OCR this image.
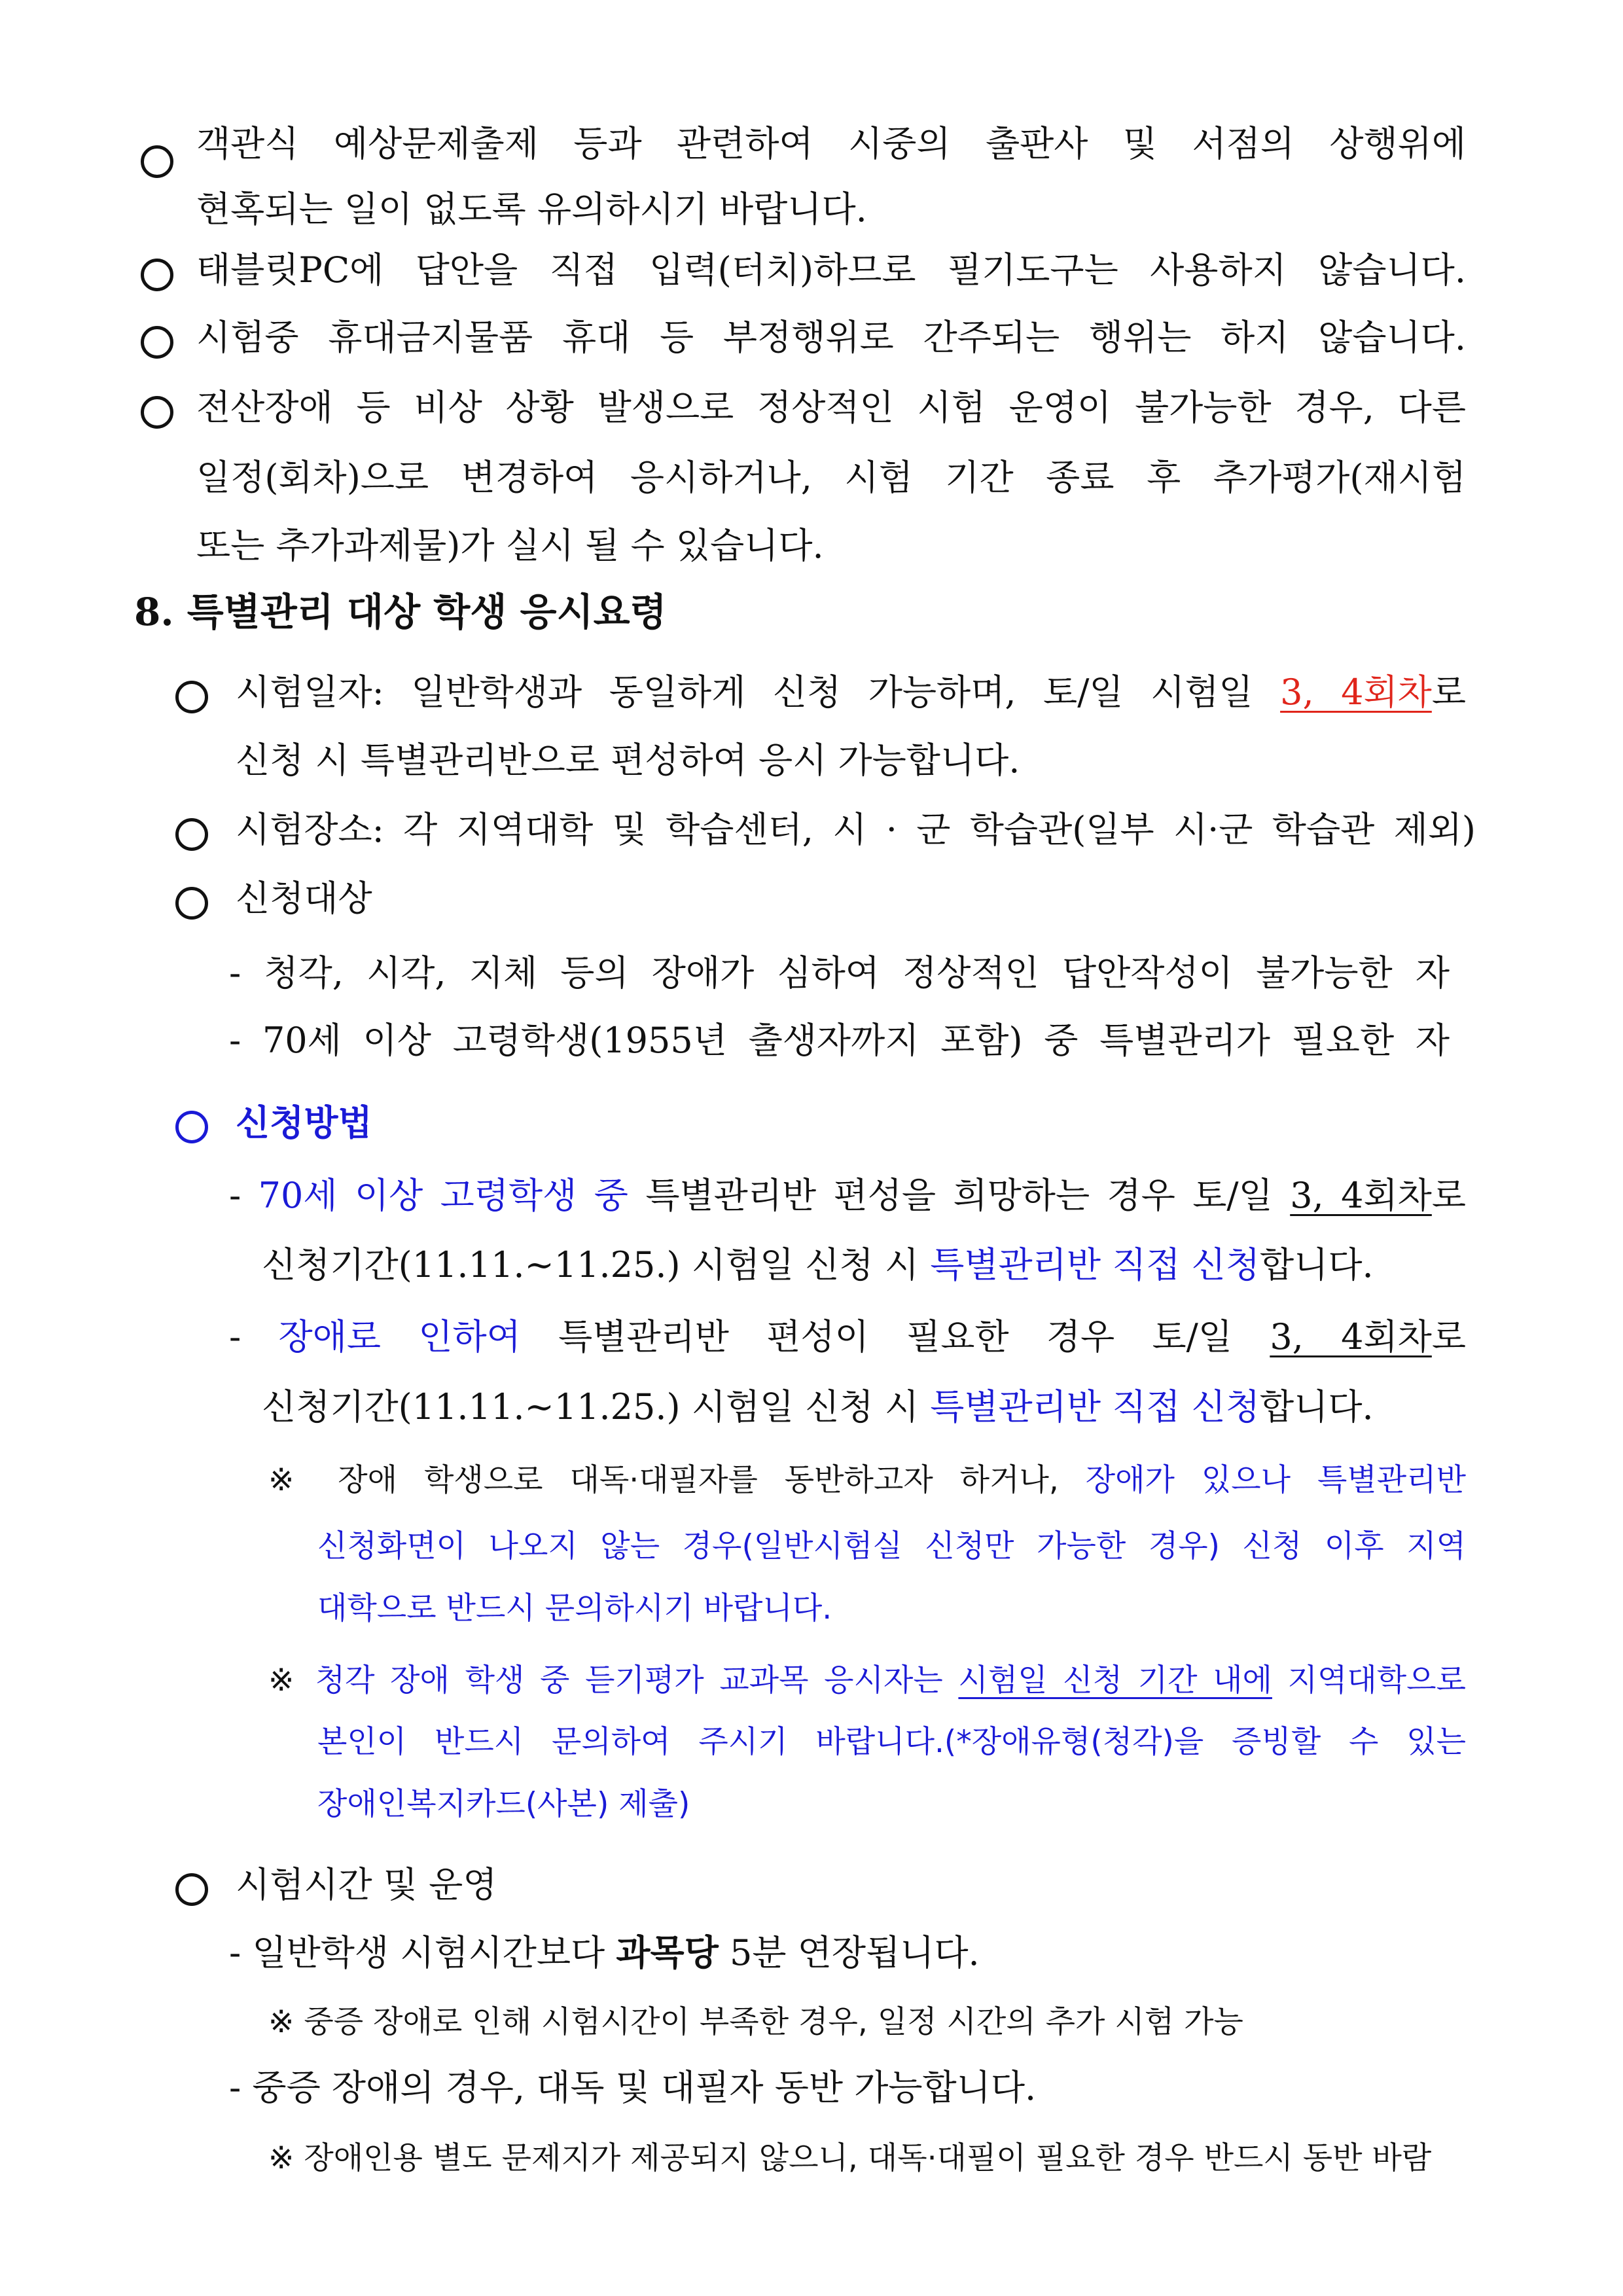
객관식 예상문제출제 등과 관련하여 시중의 출판사 및 서점의 상행위에
현혹되는 일이 없도록 유의하시기 바랍니다.
태블릿PC에 답안을 직접 입력(터치)하므로 필기도구는 사용하지 않습니다.
시험중 휴대금지물품 휴대 등 부정행위로 간주되는 행위는 하지 않습니다.
전산장애 등 비상 상황 발생으로 정상적인 시험 운영이 불가능한 경우, 다른
일정(회차)으로 변경하여 응시하거나, 시험 기간 종료 후 추가평가(재시험
또는 추가과제물)가 실시 될 수 있습니다.
8. 특별관리 대상 학생 응시요령
시험일자: 일반학생과 동일하게 신청 가능하며, 토/일 시험일 3, 4회차로
신청 시 특별관리반으로 편성하여 응시 가능합니다.
시험장소: 각 지역대학 및 학습센터, 시 · 군 학습관(일부 시·군 학습관 제외)
신청대상
- 청각, 시각, 지체 등의 장애가 심하여 정상적인 답안작성이 불가능한 자
- 70세 이상 고령학생(1955년 출생자까지 포함) 중 특별관리가 필요한 자
신청방법
- 70세 이상 고령학생 중 특별관리반 편성을 희망하는 경우 토/일 3, 4회차로
신청기간(11.11.~11.25.) 시험일 신청 시 특별관리반 직접 신청합니다.
- 장애로 인하여 특별관리반 편성이 필요한 경우 토/일 3, 4회차로
신청기간(11.11.~11.25.) 시험일 신청 시 특별관리반 직접 신청합니다.
※ 장애 학생으로 대독·대필자를 동반하고자 하거나, 장애가 있으나 특별관리반
신청화면이 나오지 않는 경우(일반시험실 신청만 가능한 경우) 신청 이후 지역
대학으로 반드시 문의하시기 바랍니다.
※ 청각 장애 학생 중 듣기평가 교과목 응시자는 시험일 신청 기간 내에 지역대학으로
본인이 반드시 문의하여 주시기 바랍니다.(*장애유형(청각)을 증빙할 수 있는
장애인복지카드(사본) 제출)
시험시간 및 운영
- 일반학생 시험시간보다 과목당 5분 연장됩니다.
※ 중증 장애로 인해 시험시간이 부족한 경우, 일정 시간의 추가 시험 가능
- 중증 장애의 경우, 대독 및 대필자 동반 가능합니다.
※ 장애인용 별도 문제지가 제공되지 않으니, 대독·대필이 필요한 경우 반드시 동반 바람
